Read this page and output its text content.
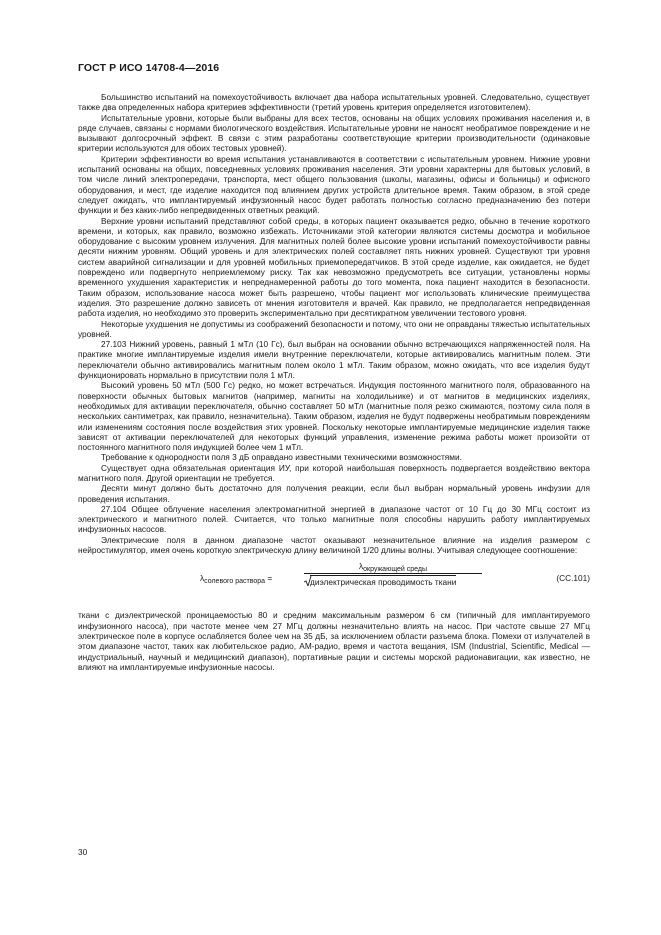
ГОСТ Р ИСО 14708-4—2016

Большинство испытаний на помехоустойчивость включает два набора испытательных уровней. Следовательно, существует также два определенных набора критериев эффективности (третий уровень критерия определяется изготовителем).

Испытательные уровни, которые были выбраны для всех тестов, основаны на общих условиях проживания населения и, в ряде случаев, связаны с нормами биологического воздействия. Испытательные уровни не наносят необратимое повреждение и не вызывают долгосрочный эффект. В связи с этим разработаны соответствующие критерии производительности (одинаковые критерии используются для обоих тестовых уровней).

Критерии эффективности во время испытания устанавливаются в соответствии с испытательным уровнем. Нижние уровни испытаний основаны на общих, повседневных условиях проживания населения. Эти уровни характерны для бытовых условий, в том числе линий электропередачи, транспорта, мест общего пользования (школы, магазины, офисы и больницы) и офисного оборудования, и мест, где изделие находится под влиянием других устройств длительное время. Таким образом, в этой среде следует ожидать, что имплантируемый инфузионный насос будет работать полностью согласно предназначению без потери функции и без каких-либо непредвиденных ответных реакций.

Верхние уровни испытаний представляют собой среды, в которых пациент оказывается редко, обычно в течение короткого времени, и которых, как правило, возможно избежать. Источниками этой категории являются системы досмотра и мобильное оборудование с высоким уровнем излучения. Для магнитных полей более высокие уровни испытаний помехоустойчивости равны десяти нижним уровням. Общий уровень и для электрических полей составляет пять нижних уровней. Существуют три уровня систем аварийной сигнализации и для уровней мобильных приемопередатчиков. В этой среде изделие, как ожидается, не будет повреждено или подвергнуто неприемлемому риску. Так как невозможно предусмотреть все ситуации, установлены нормы временного ухудшения характеристик и непреднамеренной работы до того момента, пока пациент находится в безопасности. Таким образом, использование насоса может быть разрешено, чтобы пациент мог использовать клинические преимущества изделия. Это разрешение должно зависеть от мнения изготовителя и врачей. Как правило, не предполагается непредвиденная работа изделия, но необходимо это проверить экспериментально при десятикратном увеличении тестового уровня.

Некоторые ухудшения не допустимы из соображений безопасности и потому, что они не оправданы тяжестью испытательных уровней.

27.103 Нижний уровень, равный 1 мТл (10 Гс), был выбран на основании обычно встречающихся напряженностей поля. На практике многие имплантируемые изделия имели внутренние переключатели, которые активировались магнитным полем. Эти переключатели обычно активировались магнитным полем около 1 мТл. Таким образом, можно ожидать, что все изделия будут функционировать нормально в присутствии поля 1 мТл.

Высокий уровень 50 мТл (500 Гс) редко, но может встречаться. Индукция постоянного магнитного поля, образованного на поверхности обычных бытовых магнитов (например, магниты на холодильнике) и от магнитов в медицинских изделиях, необходимых для активации переключателя, обычно составляет 50 мТл (магнитные поля резко сжимаются, поэтому сила поля в нескольких сантиметрах, как правило, незначительна). Таким образом, изделия не будут подвержены необратимым повреждениям или изменениям состояния после воздействия этих уровней. Поскольку некоторые имплантируемые медицинские изделия также зависят от активации переключателей для некоторых функций управления, изменение режима работы может произойти от постоянного магнитного поля индукцией более чем 1 мТл.

Требование к однородности поля 3 дБ оправдано известными техническими возможностями.

Существует одна обязательная ориентация ИУ, при которой наибольшая поверхность подвергается воздействию вектора магнитного поля. Другой ориентации не требуется.

Десяти минут должно быть достаточно для получения реакции, если был выбран нормальный уровень инфузии для проведения испытания.

27.104 Общее облучение населения электромагнитной энергией в диапазоне частот от 10 Гц до 30 МГц состоит из электрического и магнитного полей. Считается, что только магнитные поля способны нарушить работу имплантируемых инфузионных насосов.

Электрические поля в данном диапазоне частот оказывают незначительное влияние на изделия размером с нейростимулятор, имея очень короткую электрическую длину величиной 1/20 длины волны. Учитывая следующее соотношение:

$\lambda_{солевого раствора}$ =
$\lambda_{окружающей среды}$
диэлектрическая проводимость ткани	(CC.101)

ткани с диэлектрической проницаемостью 80 и средним максимальным размером 6 см (типичный для имплантируемого инфузионного насоса), при частоте менее чем 27 МГц должны незначительно влиять на насос. При частоте свыше 27 МГц электрическое поле в корпусе ослабляется более чем на 35 дБ, за исключением области разъема блока. Помехи от излучателей в этом диапазоне частот, таких как любительское радио, АМ-радио, время и частота вещания, ISM (Industrial, Scientific, Medical — индустриальный, научный и медицинский диапазон), портативные рации и системы морской радионавигации, как известно, не влияют на имплантируемые инфузионные насосы.

30
